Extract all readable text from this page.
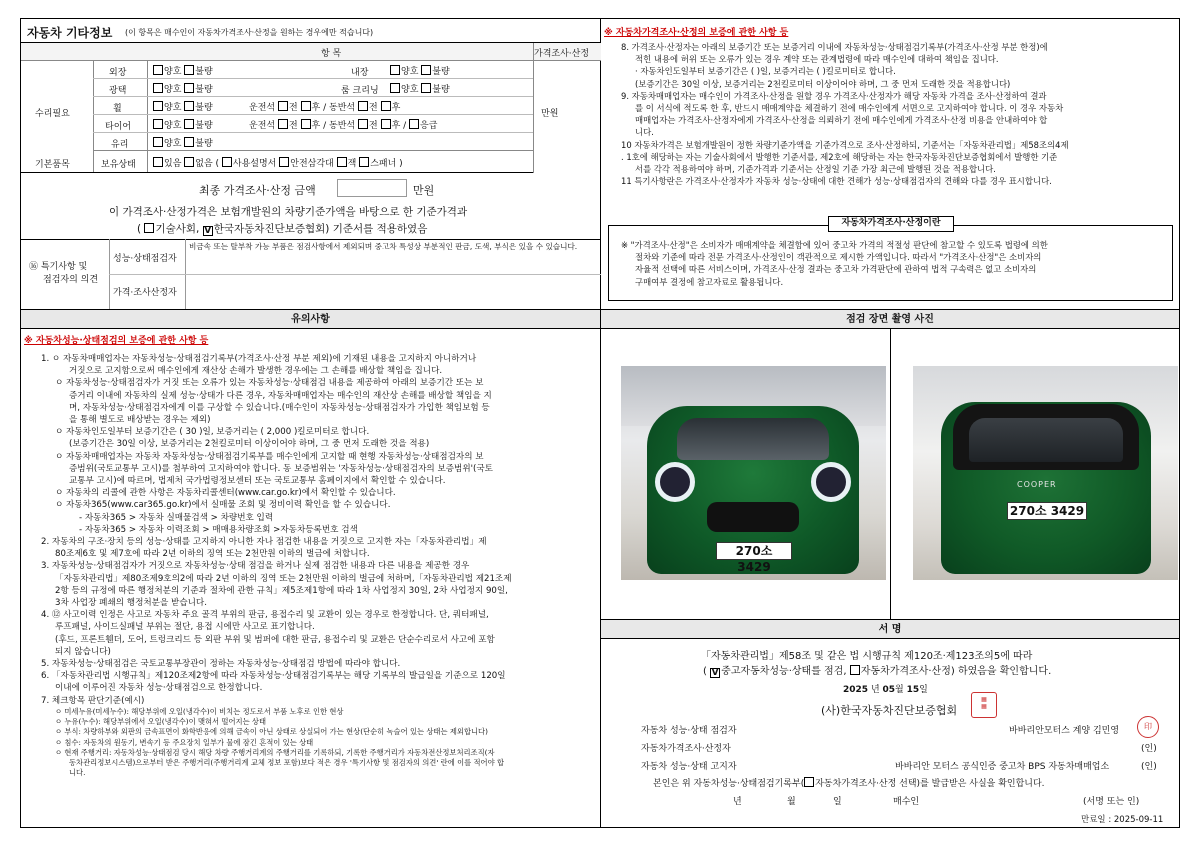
자동차 기타정보 (이 항목은 매수인이 자동차가격조사·산정을 원하는 경우에만 적습니다)
항 목	가격조사·산정
수리필요	만원
외장	양호 불량	내장	양호 불량
광택	양호 불량	룸 크리닝	양호 불량
휠	양호 불량	운전석 전 후 / 동반석 전 후
타이어	양호 불량	운전석 전 후 / 동반석 전 후 / 응급
유리	양호 불량
기본품목	보유상태	있음 없음 ( 사용설명서 안전삼각대 잭 스패너 )
최종 가격조사·산정 금액	만원
이 가격조사·산정가격은 보험개발원의 차량기준가액을 바탕으로 한 기준가격과
( 기술사회, V 한국자동차진단보증협회) 기준서를 적용하였음
⑯ 특기사항 및
점검자의 의견
성능·상태점검자
비금속 또는 탈부착 가능 부품은 점검사항에서 제외되며 중고차 특성상 부분적인 판금, 도색, 부식은 있을 수 있습니다.
가격·조사산정자
유의사항
※ 자동차성능·상태점검의 보증에 관한 사항 등

1. ㅇ 자동차매매업자는 자동차성능·상태점검기록부(가격조사·산정 부분 제외)에 기재된 내용을 고지하지 아니하거나

거짓으로 고지함으로써 매수인에게 재산상 손해가 발생한 경우에는 그 손해를 배상할 책임을 집니다.

ㅇ 자동차성능·상태점검자가 거짓 또는 오류가 있는 자동차성능·상태점검 내용을 제공하여 아래의 보증기간 또는 보

증거리 이내에 자동차의 실제 성능·상태가 다른 경우, 자동차매매업자는 매수인의 재산상 손해를 배상할 책임을 지

며, 자동차성능·상태점검자에게 이를 구상할 수 있습니다.(매수인이 자동차성능·상태점검자가 가입한 책임보험 등

을 통해 별도로 배상받는 경우는 제외)

ㅇ 자동차인도일부터 보증기간은 ( 30 )일, 보증거리는 ( 2,000 )킬로미터로 합니다.

(보증기간은 30일 이상, 보증거리는 2천킬로미터 이상이어야 하며, 그 중 먼저 도래한 것을 적용)

ㅇ 자동차매매업자는 자동차 자동차성능·상태점검기록부를 매수인에게 고지할 때 현행 자동차성능·상태점검자의 보

증범위(국토교통부 고시)를 첨부하여 고지하여야 합니다. 동 보증범위는 '자동차성능·상태점검자의 보증범위'(국토

교통부 고시)에 따르며, 법제처 국가법령정보센터 또는 국토교통부 홈페이지에서 확인할 수 있습니다.

ㅇ 자동차의 리콜에 관한 사항은 자동차리콜센터(www.car.go.kr)에서 확인할 수 있습니다.

ㅇ 자동차365(www.car365.go.kr)에서 실매물 조회 및 정비이력 확인을 할 수 있습니다.

- 자동차365 > 자동차 실매물검색 > 차량번호 입력

- 자동차365 > 자동차 이력조회 > 매매용차량조회 >자동차등록번호 검색

2. 자동차의 구조·장치 등의 성능·상태를 고지하지 아니한 자나 점검한 내용을 거짓으로 고지한 자는「자동차관리법」제

80조제6호 및 제7호에 따라 2년 이하의 징역 또는 2천만원 이하의 벌금에 처합니다.

3. 자동차성능·상태점검자가 거짓으로 자동차성능·상태 점검을 하거나 실제 점검한 내용과 다른 내용을 제공한 경우

「자동차관리법」제80조제9호의2에 따라 2년 이하의 징역 또는 2천만원 이하의 벌금에 처하며,「자동차관리법 제21조제

2항 등의 규정에 따른 행정처분의 기준과 절차에 관한 규칙」제5조제1항에 따라 1차 사업정지 30일, 2차 사업정지 90일,

3차 사업장 폐쇄의 행정처분을 받습니다.

4. ⑫ 사고이력 인정은 사고로 자동차 주요 골격 부위의 판금, 용접수리 및 교환이 있는 경우로 한정합니다. 단, 쿼터패널,

루프패널, 사이드실패널 부위는 절단, 용접 시에만 사고로 표기합니다.

(후드, 프론트휀더, 도어, 트렁크리드 등 외판 부위 및 범퍼에 대한 판금, 용접수리 및 교환은 단순수리로서 사고에 포함

되지 않습니다)

5. 자동차성능·상태점검은 국토교통부장관이 정하는 자동차성능·상태점검 방법에 따라야 합니다.

6. 「자동차관리법 시행규칙」제120조제2항에 따라 자동차성능·상태점검기록부는 해당 기록부의 발급일을 기준으로 120일

이내에 이루어진 자동차 성능·상태점검으로 한정합니다.

7. 체크항목 판단기준(예시)

ㅇ 미세누유(미세누수): 해당부위에 오일(냉각수)이 비치는 정도로서 부품 노후로 인한 현상

ㅇ 누유(누수): 해당부위에서 오일(냉각수)이 맺혀서 떨어지는 상태

ㅇ 부식: 차량하부와 외판의 금속표면이 화학반응에 의해 금속이 아닌 상태로 상실되어 가는 현상(단순히 녹슬어 있는 상태는 제외합니다)

ㅇ 침수: 자동차의 원동기, 변속기 등 주요장치 일부가 물에 잠긴 흔적이 있는 상태

ㅇ 현재 주행거리: 자동차성능·상태점검 당시 해당 차량 주행거리계의 주행거리를 기록하되, 기록한 주행거리가 자동차전산정보처리조직(자

동차관리정보시스템)으로부터 받은 주행거리(주행거리계 교체 정보 포함)보다 적은 경우 '특기사항 및 점검자의 의견' 란에 이를 적어야 합

니다.

※ 자동차가격조사·산정의 보증에 관한 사항 등

8. 가격조사·산정자는 아래의 보증기간 또는 보증거리 이내에 자동차성능·상태점검기록부(가격조사·산정 부분 한정)에

적힌 내용에 허위 또는 오류가 있는 경우 계약 또는 관계법령에 따라 매수인에 대하여 책임을 집니다.

· 자동차인도일부터 보증기간은 ( )일, 보증거리는 ( )킬로미터로 합니다.

(보증기간은 30일 이상, 보증거리는 2천킬로미터 이상이어야 하며, 그 중 먼저 도래한 것을 적용합니다)

9. 자동차매매업자는 매수인이 가격조사·산정을 원할 경우 가격조사·산정자가 해당 자동차 가격을 조사·산정하여 결과

를 이 서식에 적도록 한 후, 반드시 매매계약을 체결하기 전에 매수인에게 서면으로 고지하여야 합니다. 이 경우 자동차

매매업자는 가격조사·산정자에게 가격조사·산정을 의뢰하기 전에 매수인에게 가격조사·산정 비용을 안내하여야 합

니다.

10 자동차가격은 보험개발원이 정한 차량기준가액을 기준가격으로 조사·산정하되, 기준서는「자동차관리법」제58조의4제

. 1호에 해당하는 자는 기술사회에서 발행한 기준서를, 제2호에 해당하는 자는 한국자동차진단보증협회에서 발행한 기준

서를 각각 적용하여야 하며, 기준가격과 기준서는 산정일 기준 가장 최근에 발행된 것을 적용합니다.

11 특기사항란은 가격조사·산정자가 자동차 성능·상태에 대한 견해가 성능·상태점검자의 견해와 다를 경우 표시합니다.

자동차가격조사·산정이란

※ "가격조사·산정"은 소비자가 매매계약을 체결함에 있어 중고차 가격의 적절성 판단에 참고할 수 있도록 법령에 의한

절차와 기준에 따라 전문 가격조사·산정인이 객관적으로 제시한 가액입니다. 따라서 "가격조사·산정"은 소비자의

자율적 선택에 따른 서비스이며, 가격조사·산정 결과는 중고차 가격판단에 관하여 법적 구속력은 없고 소비자의

구매여부 결정에 참고자료로 활용됩니다.

점검 장면 촬영 사진
270소 3429
COOPER
270소 3429
서 명
「자동차관리법」제58조 및 같은 법 시행규칙 제120조·제123조의5에 따라
( V 중고자동차성능·상태를 점검, 자동차가격조사·산정) 하였음을 확인합니다.
2025 년 05월 15일
(사)한국자동차진단보증협회
▦
▦
자동차 성능·상태 점검자	바바리안모터스 계양 김민영	印
자동차가격조사·산정자	(인)
자동차 성능·상태 고지자	바바리안 모터스 공식인증 중고차 BPS 자동차매매업소	(인)
본인은 위 자동차성능·상태점검기록부( 자동차가격조사·산정 선택)를 발급받은 사실을 확인합니다.
년	월	일	매수인	(서명 또는 인)
만료일 : 2025-09-11
